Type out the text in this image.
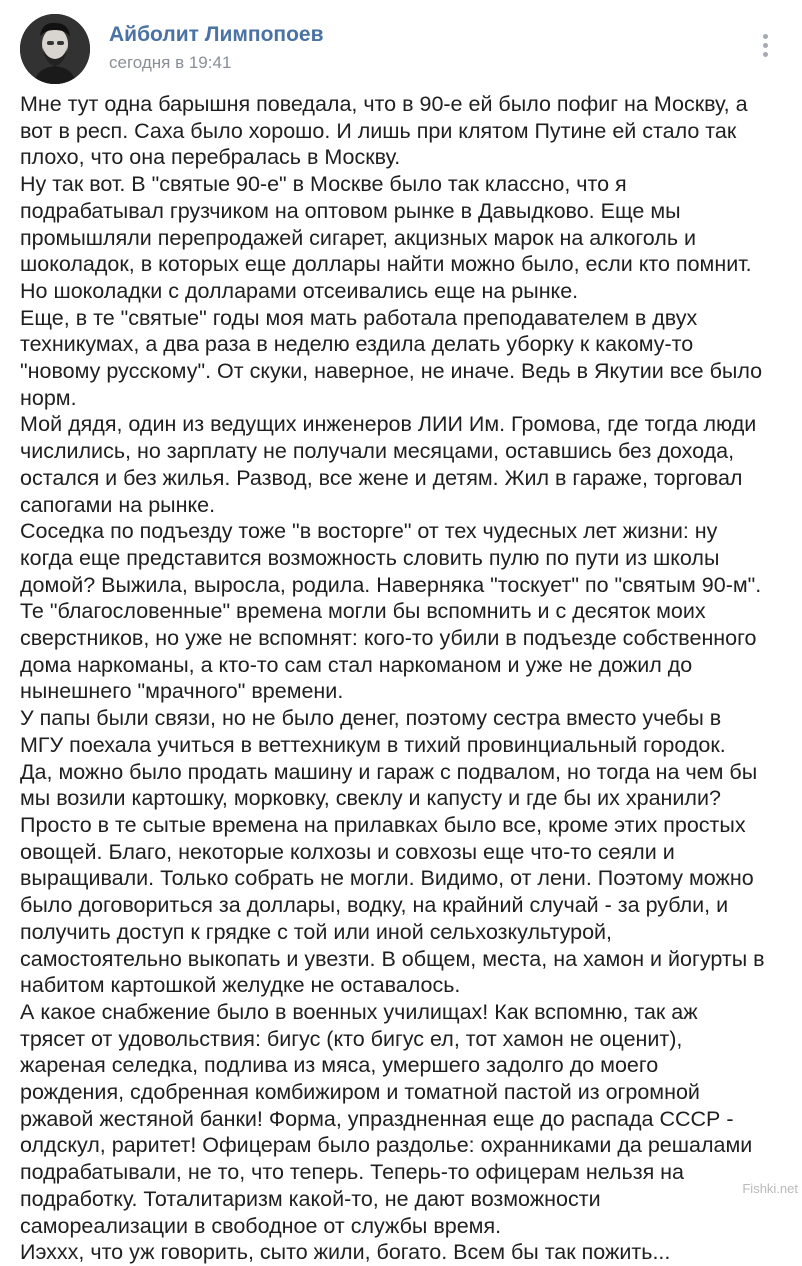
Айболит Лимпопоев
сегодня в 19:41
Мне тут одна барышня поведала, что в 90-е ей было пофиг на Москву, а
вот в респ. Саха было хорошо. И лишь при клятом Путине ей стало так
плохо, что она перебралась в Москву.
Ну так вот. В "святые 90-е" в Москве было так классно, что я
подрабатывал грузчиком на оптовом рынке в Давыдково. Еще мы
промышляли перепродажей сигарет, акцизных марок на алкоголь и
шоколадок, в которых еще доллары найти можно было, если кто помнит.
Но шоколадки с долларами отсеивались еще на рынке.
Еще, в те "святые" годы моя мать работала преподавателем в двух
техникумах, а два раза в неделю ездила делать уборку к какому-то
"новому русскому". От скуки, наверное, не иначе. Ведь в Якутии все было
норм.
Мой дядя, один из ведущих инженеров ЛИИ Им. Громова, где тогда люди
числились, но зарплату не получали месяцами, оставшись без дохода,
остался и без жилья. Развод, все жене и детям. Жил в гараже, торговал
сапогами на рынке.
Соседка по подъезду тоже "в восторге" от тех чудесных лет жизни: ну
когда еще представится возможность словить пулю по пути из школы
домой? Выжила, выросла, родила. Наверняка "тоскует" по "святым 90-м".
Те "благословенные" времена могли бы вспомнить и с десяток моих
сверстников, но уже не вспомнят: кого-то убили в подъезде собственного
дома наркоманы, а кто-то сам стал наркоманом и уже не дожил до
нынешнего "мрачного" времени.
У папы были связи, но не было денег, поэтому сестра вместо учебы в
МГУ поехала учиться в веттехникум в тихий провинциальный городок.
Да, можно было продать машину и гараж с подвалом, но тогда на чем бы
мы возили картошку, морковку, свеклу и капусту и где бы их хранили?
Просто в те сытые времена на прилавках было все, кроме этих простых
овощей. Благо, некоторые колхозы и совхозы еще что-то сеяли и
выращивали. Только собрать не могли. Видимо, от лени. Поэтому можно
было договориться за доллары, водку, на крайний случай - за рубли, и
получить доступ к грядке с той или иной сельхозкультурой,
самостоятельно выкопать и увезти. В общем, места, на хамон и йогурты в
набитом картошкой желудке не оставалось.
А какое снабжение было в военных училищах! Как вспомню, так аж
трясет от удовольствия: бигус (кто бигус ел, тот хамон не оценит),
жареная селедка, подлива из мяса, умершего задолго до моего
рождения, сдобренная комбижиром и томатной пастой из огромной
ржавой жестяной банки! Форма, упраздненная еще до распада СССР -
олдскул, раритет! Офицерам было раздолье: охранниками да решалами
подрабатывали, не то, что теперь. Теперь-то офицерам нельзя на
подработку. Тоталитаризм какой-то, не дают возможности
самореализации в свободное от службы время.
Иэхxx, что уж говорить, сыто жили, богато. Всем бы так пожить...
Fishki.net
